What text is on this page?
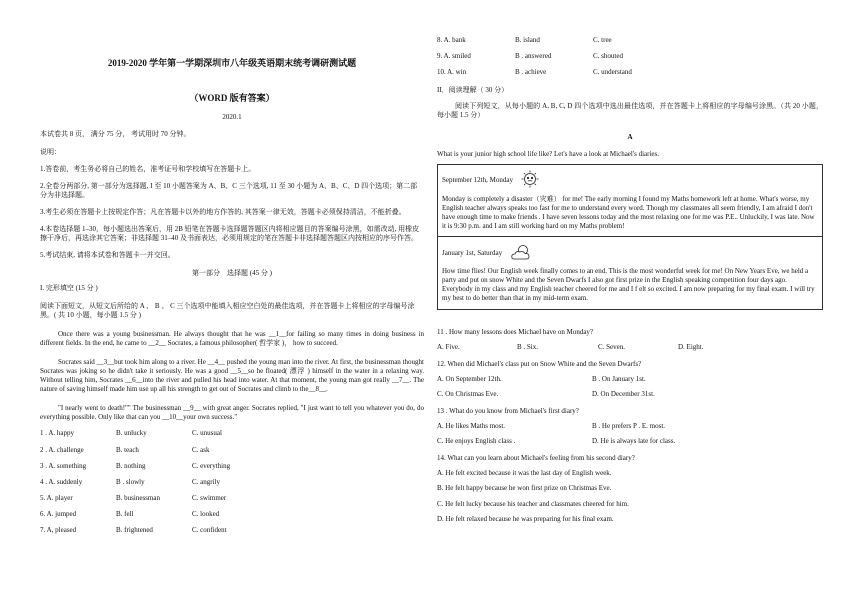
2019-2020 学年第一学期深圳市八年级英语期末统考调研测试题
（WORD 版有答案）
2020.1
本试卷共 8 页， 满分 75 分， 考试用时 70 分钟。
说明：
1.答卷前，考生务必将自己的姓名，准考证号和学校填写在答题卡上。
2.全卷分两部分, 第一部分为选择题, I 至 10 小题答案为 A、B、C 三个选项, 11 至 30 小题为 A、B、C、D 四个选项；第二部分为非选择题。
3.考生必须在答题卡上按规定作答；凡在答题卡以外的地方作答的, 其答案一律无效，答题卡必须保持清洁，不能折叠。
4.本卷选择题 1–30，每小题选出答案后，用 2B 铅笔在答题卡选择题答题区内将相应题目的答案编号涂黑，如需改动, 用橡皮擦干净后，再选涂其它答案；非选择题 31–40 及书面表达，必须用规定的笔在答题卡非选择题答题区内按相应的序号作答。
5.考试结束, 请将本试卷和答题卡一并交回。
第一部分　选择题 (45 分 )
I. 完形填空 (15 分 )
阅读下面短文，从短文后所给的 A 、 B 、 C 三个选项中能填入相应空白处的最佳选项，并在答题卡上将相应的字母编号涂黑。( 共 10 小题，每小题 1.5 分 )
Once there was a young businessman. He always thought that he was __1__for failing so many times in doing business in different fields. In the end, he came to __2__ Socrates, a famous philosopher( 哲学家 )， how to succeed.
Socrates said __3__but took him along to a river. He __4__ pushed the young man into the river. At first, the businessman thought Socrates was joking so he didn't take it seriously. He was a good __5__so he floated( 漂浮 ) himself in the water in a relaxing way. Without telling him, Socrates __6__into the river and pulled his head into water. At that moment, the young man got really __7__. The nature of saving himself made him use up all his strength to get out of Socrates and climb to the__8__.
"I nearly went to death!"" The businessman __9__ with great anger. Socrates replied, "I just want to tell you whatever you do, do everything possible. Only like that can you __10__your own success."
1 . A. happy	B. unlucky	C. unusual
2 . A. challenge	B. teach	C. ask
3 . A. something	B. nothing	C. everything
4 . A. suddenly	B . slowly	C. angrily
5. A. player	B. businessman	C. swimmer
6. A. jumped	B. fell	C. looked
7. A, pleased	B. frightened	C. confident
8. A. bank	B. island	C. tree
9. A. smiled	B . answered	C. shouted
10. A. win	B . achieve	C. understand
II．阅读理解（ 30 分）
阅读下列短文，从每小题的 A, B, C, D 四个选项中选出最佳选项，并在答题卡上将相应的字母编号涂黑。（共 20 小题，每小题 1.5 分）
A
What is your junior high school life like? Let's have a look at Michael's diaries.
September 12th, Monday
Monday is completely a disaster（灾难） for me! The early morning I found my Maths homework left at home. What's worse, my English teacher always speaks too fast for me to understand every word. Though my classmates all seem friendly, I am afraid I don't have enough time to make friends . I have seven lessons today and the most relaxing one for me was P.E.. Unluckily, I was late. Now it is 9:30 p.m. and I am still working hard on my Maths problem!
January 1st, Saturday
How time flies! Our English week finally comes to an end. This is the most wonderful week for me! On New Years Eve, we held a party and put on snow White and the Seven Dwarfs I also got first prize in the English speaking competition four days ago. Everybody in my class and my English teacher cheered for me and I f elt so excited. I am now preparing for my final exam. I will try my best to do better than that in my mid-term exam.
11 . How many lessons does Michael have on Monday?
A. Five.	B . Six.	C. Seven.	D. Eight.
12. When did Michael's class put on Snow White and the Seven Dwarfs?
A. On September 12th.	B . On January 1st.
C. On Christmas Eve.	D. On December 31st.
13 . What do you know from Michael's first diary?
A. He likes Maths most.	B . He prefers P . E. most.
C. He enjoys English class .	D. He is always late for class.
14. What can you learn about Michael's feeling from his second diary?
A. He felt excited because it was the last day of English week.
B. He felt happy because he won first prize on Christmas Eve.
C. He felt lucky because his teacher and classmates cheered for him.
D. He felt relaxed because he was preparing for his final exam.
